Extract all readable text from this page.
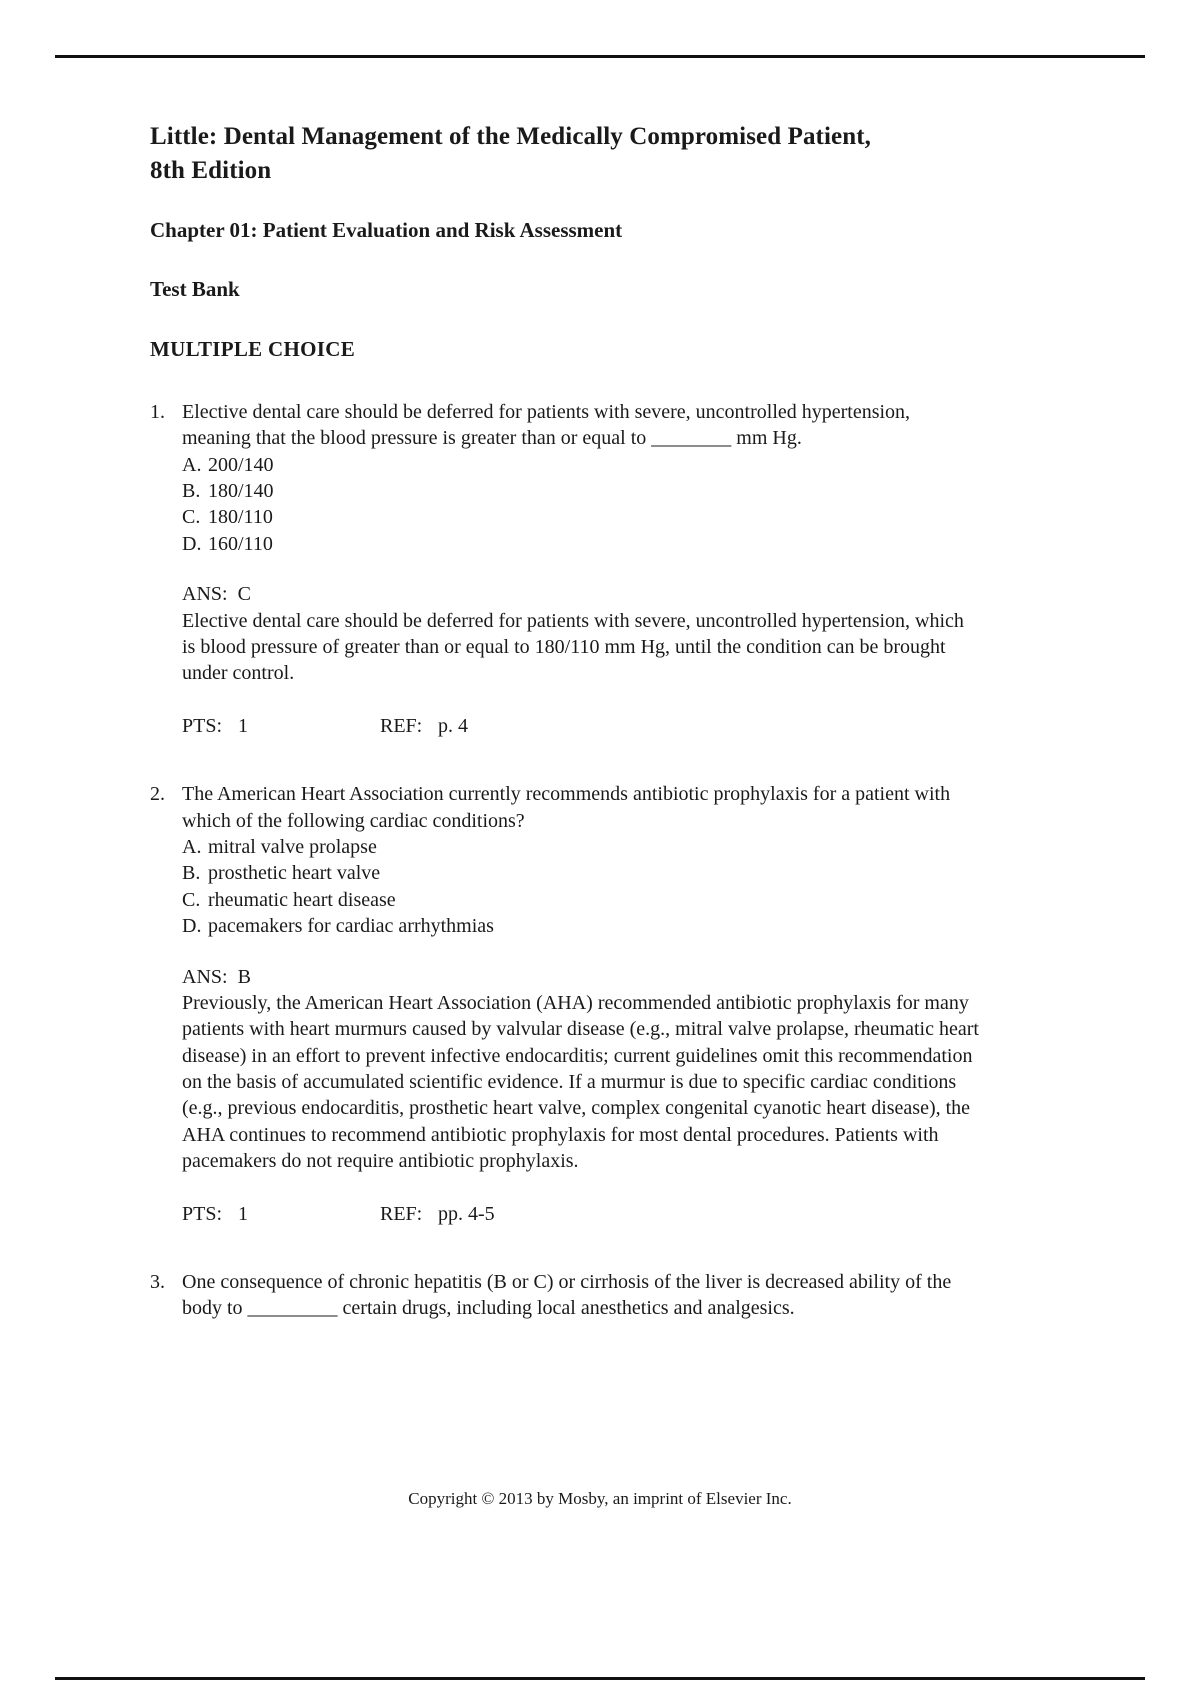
Little: Dental Management of the Medically Compromised Patient,
8th Edition

Chapter 01: Patient Evaluation and Risk Assessment

Test Bank

MULTIPLE CHOICE

1. Elective dental care should be deferred for patients with severe, uncontrolled hypertension, meaning that the blood pressure is greater than or equal to ________ mm Hg.

A. 200/140
B. 180/140
C. 180/110
D. 160/110

ANS: C

Elective dental care should be deferred for patients with severe, uncontrolled hypertension, which is blood pressure of greater than or equal to 180/110 mm Hg, until the condition can be brought under control.

PTS: 1	REF: p. 4
2. The American Heart Association currently recommends antibiotic prophylaxis for a patient with which of the following cardiac conditions?

A. mitral valve prolapse
B. prosthetic heart valve
C. rheumatic heart disease
D. pacemakers for cardiac arrhythmias

ANS: B

Previously, the American Heart Association (AHA) recommended antibiotic prophylaxis for many patients with heart murmurs caused by valvular disease (e.g., mitral valve prolapse, rheumatic heart disease) in an effort to prevent infective endocarditis; current guidelines omit this recommendation on the basis of accumulated scientific evidence. If a murmur is due to specific cardiac conditions (e.g., previous endocarditis, prosthetic heart valve, complex congenital cyanotic heart disease), the AHA continues to recommend antibiotic prophylaxis for most dental procedures. Patients with pacemakers do not require antibiotic prophylaxis.

PTS: 1	REF: pp. 4-5
3. One consequence of chronic hepatitis (B or C) or cirrhosis of the liver is decreased ability of the body to _________ certain drugs, including local anesthetics and analgesics.

Copyright © 2013 by Mosby, an imprint of Elsevier Inc.
